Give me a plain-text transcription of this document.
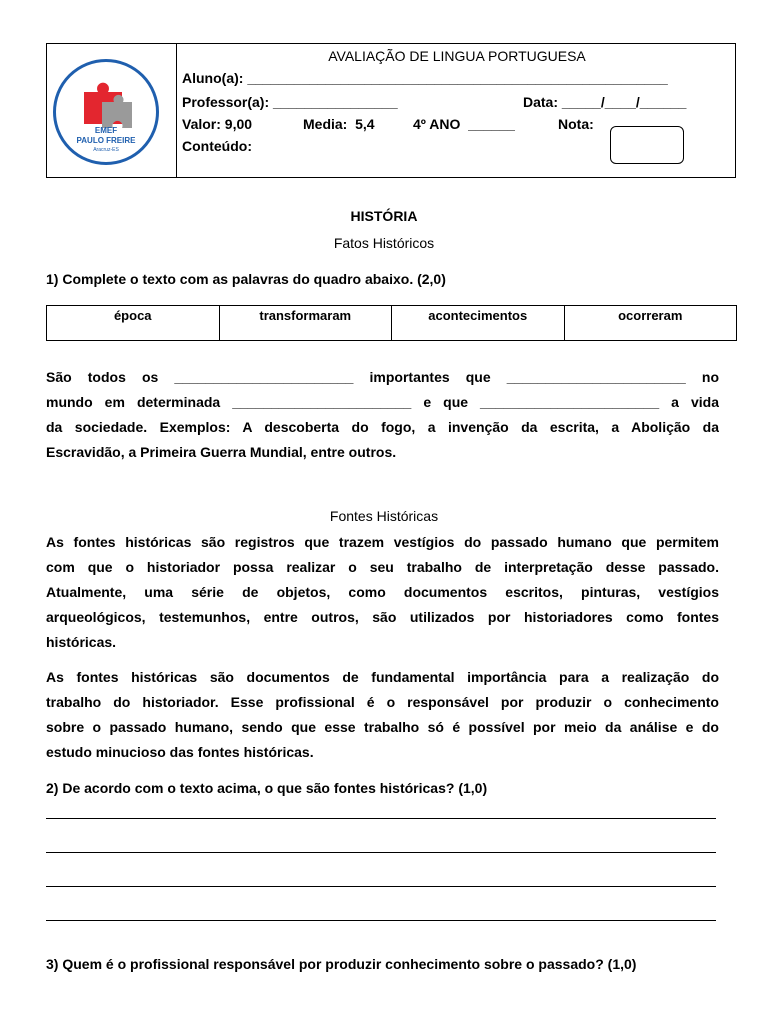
EMEF
PAULO FREIRE
Aracruz-ES
AVALIAÇÃO DE LINGUA PORTUGUESA
Aluno(a): ______________________________________________________
Professor(a): ________________	Data: _____/____/______
Valor: 9,00	Media:  5,4	4º ANO  ______	Nota:
Conteúdo:
HISTÓRIA
Fatos Históricos
1) Complete o texto com as palavras do quadro abaixo. (2,0)
época	transformaram	acontecimentos	ocorreram
São todos os _______________________ importantes que _______________________ no
mundo em determinada _______________________ e que _______________________ a vida
da sociedade. Exemplos: A descoberta do fogo, a invenção da escrita, a Abolição da
Escravidão, a Primeira Guerra Mundial, entre outros.
Fontes Históricas
As fontes históricas são registros que trazem vestígios do passado humano que permitem
com que o historiador possa realizar o seu trabalho de interpretação desse passado.
Atualmente, uma série de objetos, como documentos escritos, pinturas, vestígios
arqueológicos, testemunhos, entre outros, são utilizados por historiadores como fontes
históricas.
As fontes históricas são documentos de fundamental importância para a realização do
trabalho do historiador. Esse profissional é o responsável por produzir o conhecimento
sobre o passado humano, sendo que esse trabalho só é possível por meio da análise e do
estudo minucioso das fontes históricas.
2) De acordo com o texto acima, o que são fontes históricas? (1,0)
3) Quem é o profissional responsável por produzir conhecimento sobre o passado? (1,0)
